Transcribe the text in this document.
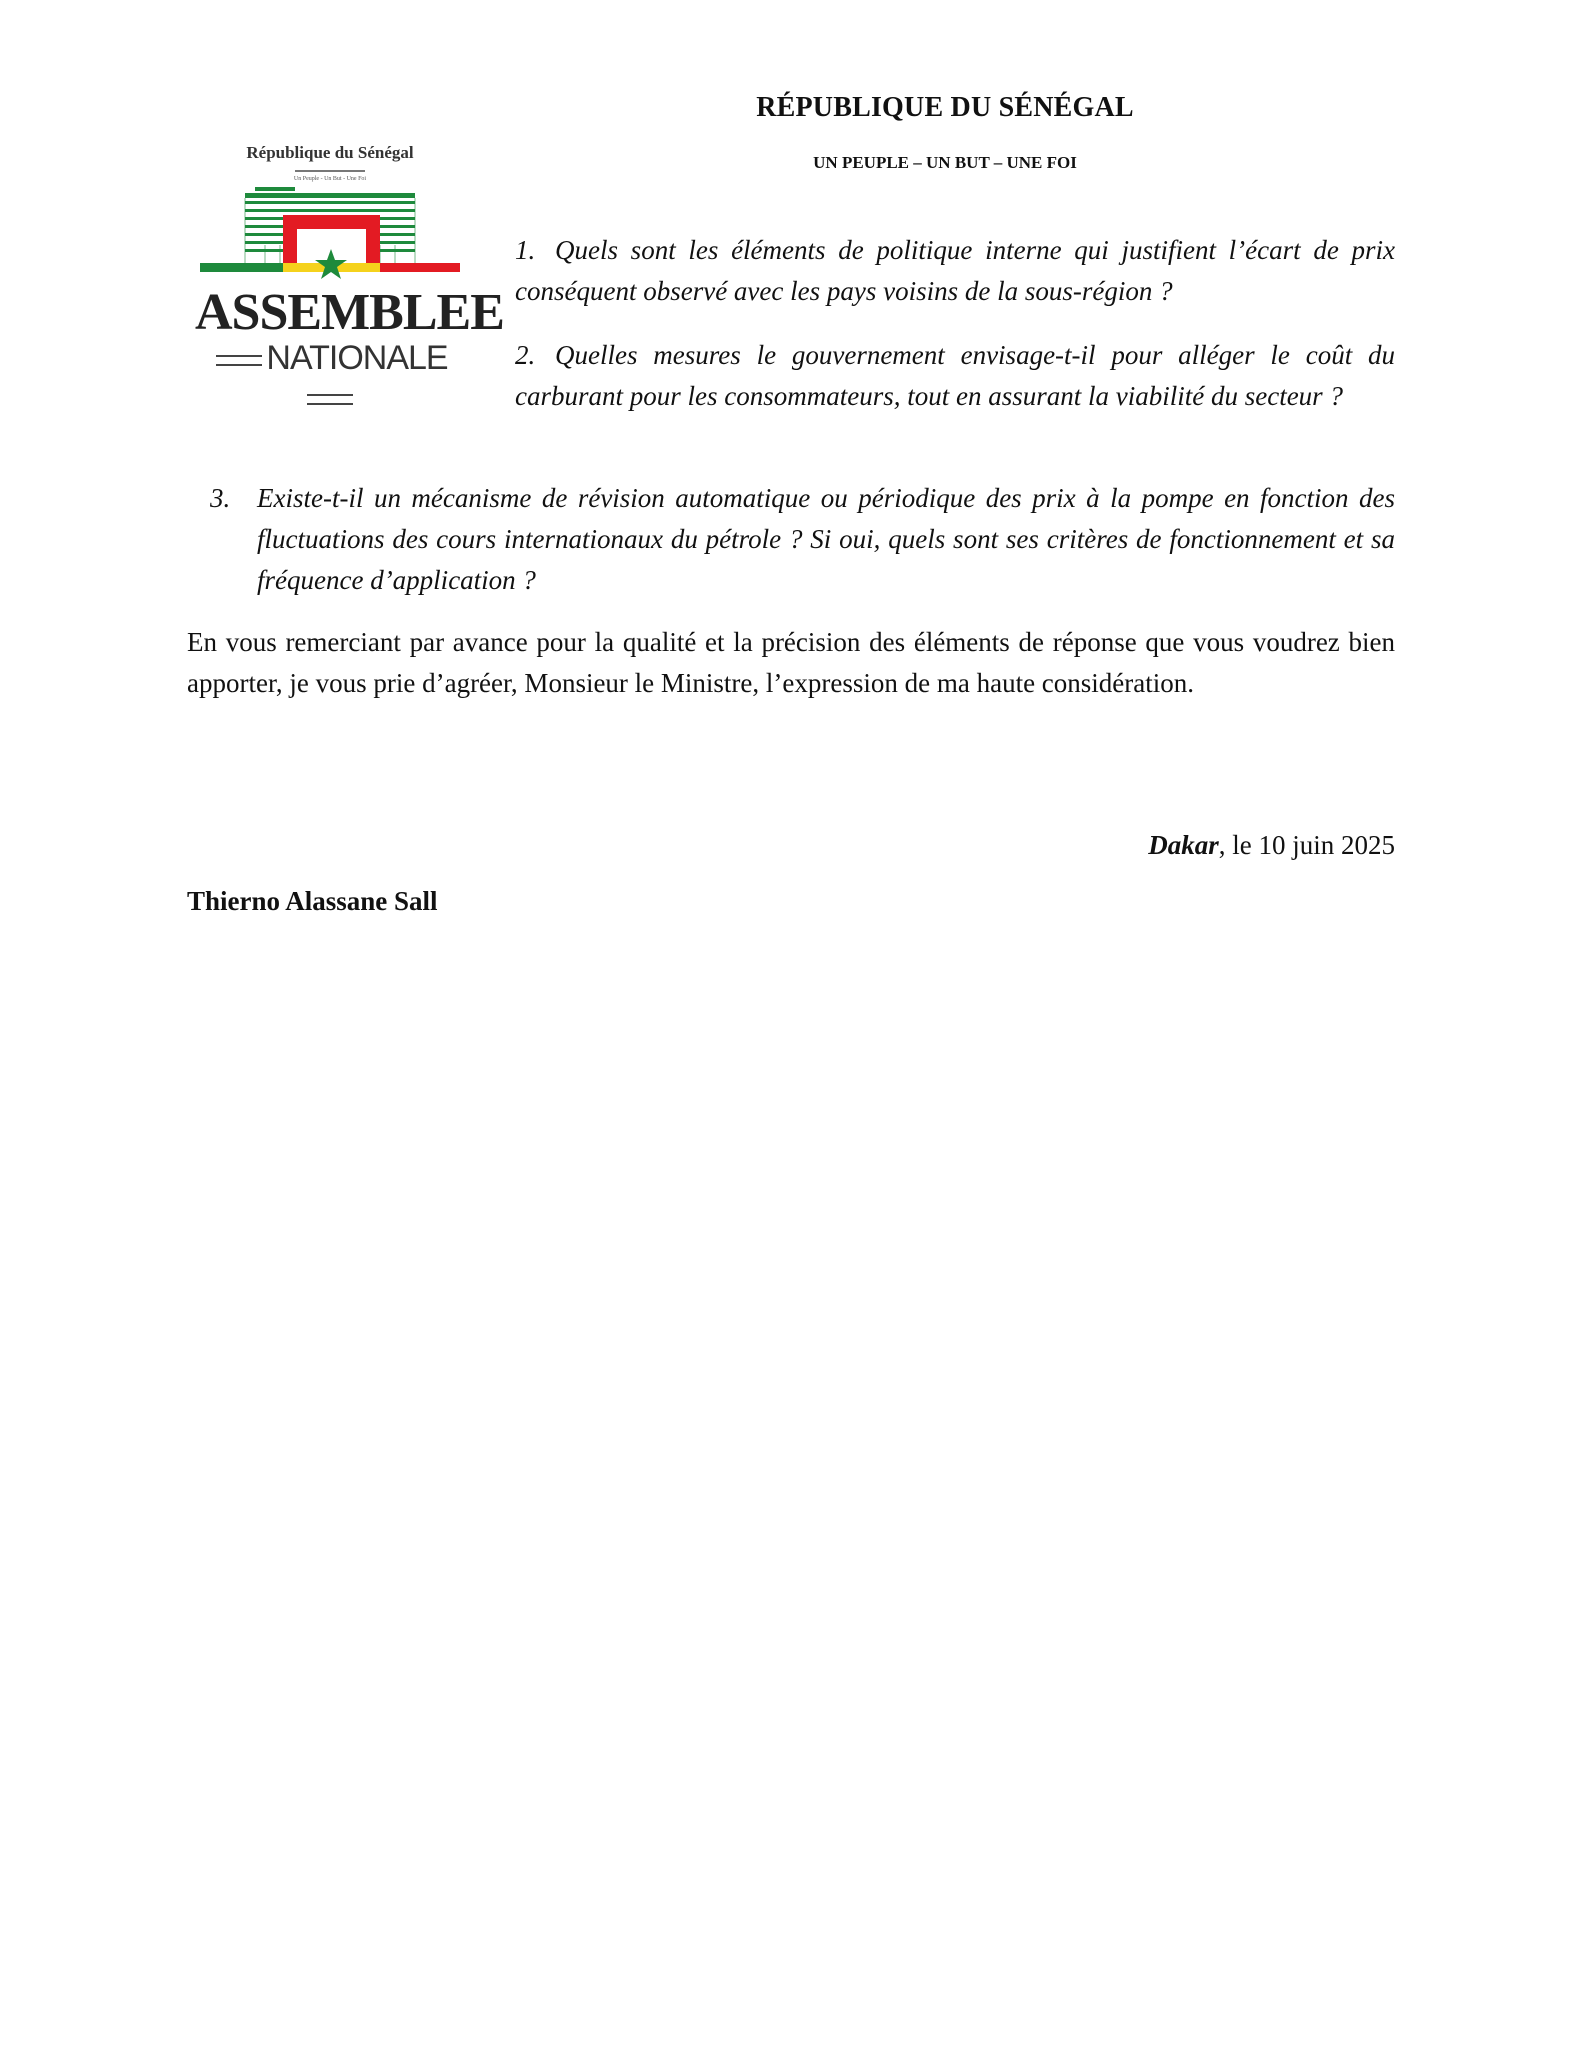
RÉPUBLIQUE DU SÉNÉGAL
UN PEUPLE – UN BUT – UNE FOI
République du Sénégal
Un Peuple - Un But - Une Foi
ASSEMBLEE
NATIONALE
1. Quels sont les éléments de politique interne qui justifient l’écart de prix conséquent observé avec les pays voisins de la sous-région ?
2. Quelles mesures le gouvernement envisage-t-il pour alléger le coût du carburant pour les consommateurs, tout en assurant la viabilité du secteur ?
3. Existe-t-il un mécanisme de révision automatique ou périodique des prix à la pompe en fonction des fluctuations des cours internationaux du pétrole ? Si oui, quels sont ses critères de fonctionnement et sa fréquence d’application ?
En vous remerciant par avance pour la qualité et la précision des éléments de réponse que vous voudrez bien apporter, je vous prie d’agréer, Monsieur le Ministre, l’expression de ma haute considération.
Dakar, le 10 juin 2025
Thierno Alassane Sall
